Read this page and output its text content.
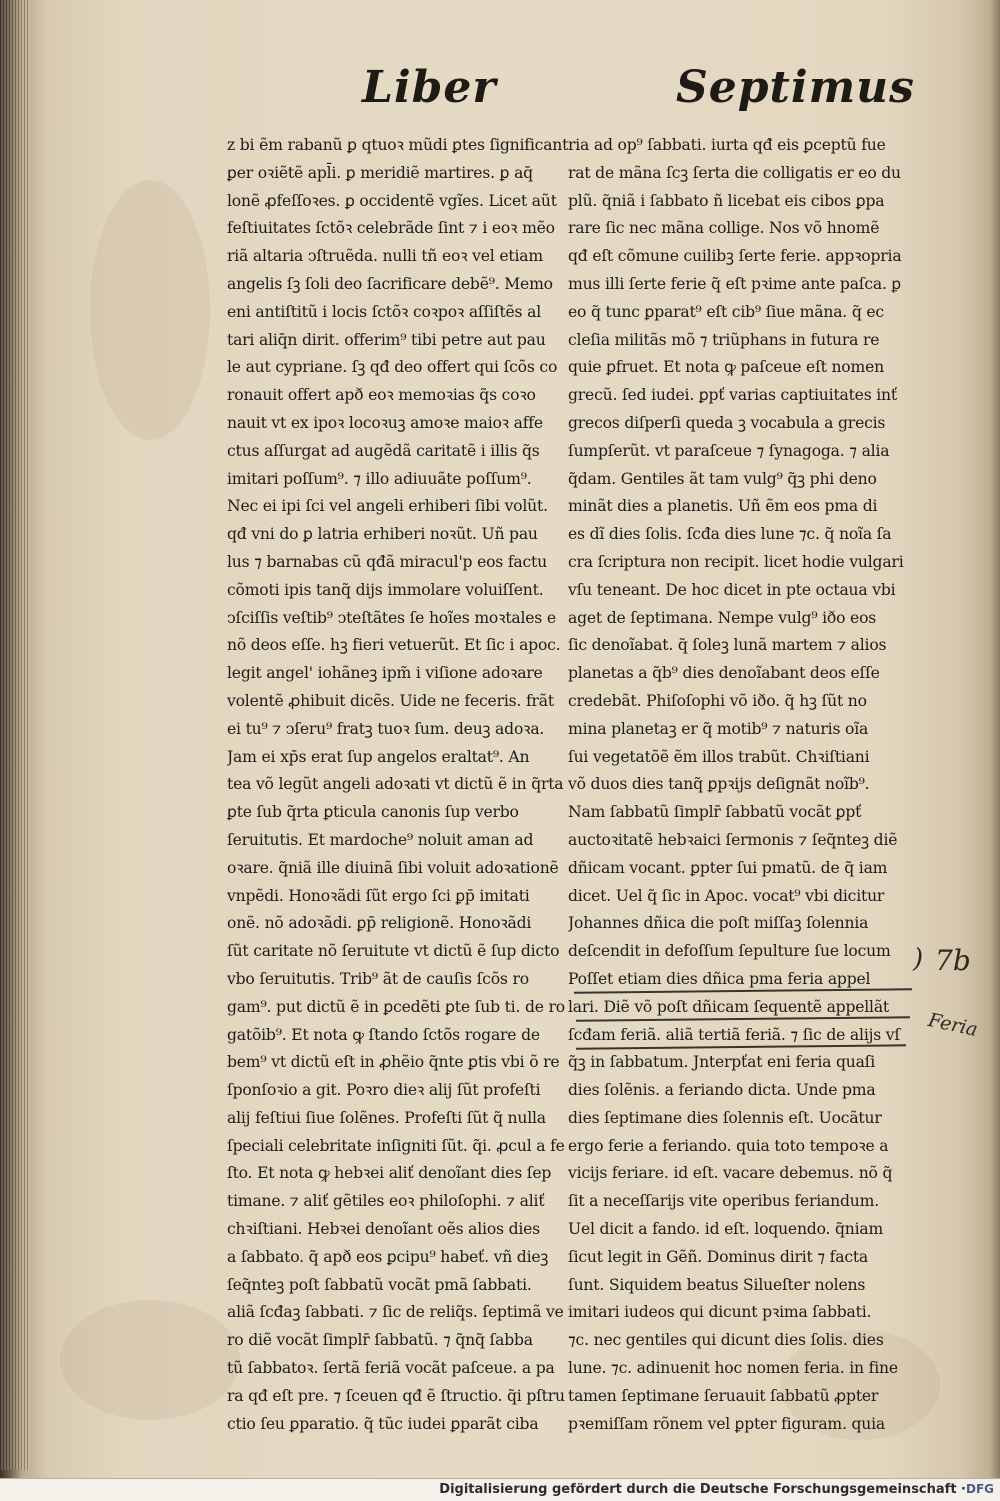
Liber	Septimus
z bi ẽm rabanũ ꝑ qtuoꝛ mũdi ꝑtes ſignificant
ꝑer oꝛiẽtẽ apl̄i. ꝑ meridiẽ martires. ꝑ aq̄
lonẽ ꝓfeſſoꝛes. ꝑ occidentẽ vgĩes. Licet aũt
feſtiuitates ſctõꝛ celebrãde ſint ⁊ i eoꝛ mẽo
riã altaria ↄſtruẽda. nulli tñ eoꝛ vel etiam
angelis ſꝫ ſoli deo ſacrificare debẽ⁹. Memo
eni antiſtitũ i locis ſctõꝛ coꝛpoꝛ aſſiſtẽs al
tari aliq̄n dirit. offerim⁹ tibi petre aut pau
le aut cypriane. ſꝫ qđ deo offert qui ſcõs co
ronauit offert apð eoꝛ memoꝛias q̃s coꝛo
nauit vt ex ipoꝛ locoꝛuꝫ amoꝛe maioꝛ affe
ctus aſſurgat ad augẽdã caritatẽ i illis q̃s
imitari poſſum⁹. ⁊ illo adiuuãte poſſum⁹.
Nec ei ipi ſci vel angeli erhiberi ſibi volũt.
qđ vni do ꝑ latria erhiberi noꝛũt. Uñ pau
lus ⁊ barnabas cũ qđã miracul'p eos factu
cõmoti ipis tanq̃ dijs immolare voluiſſent.
ↄſciſſis veſtib⁹ ↄteſtãtes ſe hoĩes moꝛtales e
nõ deos eſſe. hꝫ fieri vetuerũt. Et ſic i apoc.
legit angel' iohãneꝫ ipm̃ i viſione adoꝛare
volentẽ ꝓhibuit dicẽs. Uide ne feceris. frãt
ei tu⁹ ⁊ ↄſeru⁹ fratꝫ tuoꝛ ſum. deuꝫ adoꝛa.
Jam ei xp̄s erat ſup angelos eraltat⁹. An
tea võ legũt angeli adoꝛati vt dictũ ẽ in q̃rta
ꝑte ſub q̃rta ꝑticula canonis ſup verbo
ſeruitutis. Et mardoche⁹ noluit aman ad
oꝛare. q̃niã ille diuinã ſibi voluit adoꝛationẽ
vnpẽdi. Honoꝛãdi ſũt ergo ſci ꝑp̄ imitati
onẽ. nõ adoꝛãdi. ꝑp̄ religionẽ. Honoꝛãdi
ſũt caritate nõ ſeruitute vt dictũ ẽ ſup dicto
vbo ſeruitutis. Trib⁹ ãt de cauſis ſcõs ro
gam⁹. put dictũ ẽ in ꝑcedẽti ꝑte ſub ti. de ro
gatõib⁹. Et nota ꝙ ſtando ſctõs rogare de
bem⁹ vt dictũ eſt in ꝓhẽio q̃nte ꝑtis vbi õ re
ſponſoꝛio a git. Poꝛro dieꝛ alij ſũt profeſti
alij feſtiui ſiue ſolẽnes. Profeſti ſũt q̃ nulla
ſpeciali celebritate inſigniti ſũt. q̃i. ꝓcul a fe
ſto. Et nota ꝙ hebꝛei aliť denoĩant dies ſep
timane. ⁊ aliť gẽtiles eoꝛ philoſophi. ⁊ aliť
chꝛiſtiani. Hebꝛei denoĩant oẽs alios dies
a ſabbato. q̃ apð eos ꝑcipu⁹ habeť. vñ dieꝫ
ſeq̃nteꝫ poſt ſabbatũ vocãt pmã ſabbati.
aliã ſcđaꝫ ſabbati. ⁊ ſic de reliq̃s. ſeptimã ve
ro diẽ vocãt ſimplr̄ ſabbatũ. ⁊ q̃nq̃ ſabba
tũ ſabbatoꝛ. ſertã feriã vocãt paſceue. a pa
ra qđ eſt pre. ⁊ ſceuen qđ ẽ ſtructio. q̃i pſtru
ctio ſeu ꝑparatio. q̃ tũc iudei ꝑparãt ciba
ria ad op⁹ ſabbati. iurta qđ eis ꝑceptũ fue
rat de mãna ſcꝫ ſerta die colligatis er eo du
plũ. q̃niã i ſabbato ñ licebat eis cibos ꝑpa
rare ſic nec mãna collige. Nos võ hnomẽ
qđ eſt cõmune cuilibꝫ ſerte ferie. appꝛopria
mus illi ſerte ferie q̃ eſt pꝛime ante paſca. ꝑ
eo q̃ tunc ꝑparat⁹ eſt cib⁹ ſiue mãna. q̃ ec
cleſia militãs mõ ⁊ triũphans in futura re
quie ꝑfruet. Et nota ꝙ paſceue eſt nomen
grecũ. ſed iudei. ꝑpť varias captiuitates inť
grecos diſperſi queda ꝫ vocabula a grecis
ſumpſerũt. vt paraſceue ⁊ ſynagoga. ⁊ alia
q̃dam. Gentiles ãt tam vulg⁹ q̃ꝫ phi deno
minãt dies a planetis. Uñ ẽm eos pma di
es dĩ dies ſolis. ſcđa dies lune ⁊c. q̃ noĩa ſa
cra ſcriptura non recipit. licet hodie vulgari
vſu teneant. De hoc dicet in pte octaua vbi
aget de ſeptimana. Nempe vulg⁹ iðo eos
ſic denoĩabat. q̃ ſoleꝫ lunã martem ⁊ alios
planetas a q̃b⁹ dies denoĩabant deos eſſe
credebãt. Phiſoſophi võ iðo. q̃ hꝫ ſũt no
mina planetaꝫ er q̃ motib⁹ ⁊ naturis oĩa
ſui vegetatõẽ ẽm illos trabũt. Chꝛiſtiani
võ duos dies tanq̃ ꝑpꝛijs deſignãt noĩb⁹.
Nam ſabbatũ ſimplr̄ ſabbatũ vocãt ꝑpť
auctoꝛitatẽ hebꝛaici ſermonis ⁊ ſeq̃nteꝫ diẽ
dñicam vocant. ꝑpter ſui pmatũ. de q̃ iam
dicet. Uel q̃ ſic in Apoc. vocat⁹ vbi dicitur
Johannes dñica die poſt miſſaꝫ ſolennia
deſcendit in defoſſum ſepulture ſue locum
Poſſet etiam dies dñica pma feria appel
lari. Diẽ võ poſt dñicam ſequentẽ appellãt
ſcđam feriã. aliã tertiã feriã. ⁊ ſic de alijs vſ
q̃ꝫ in ſabbatum. Jnterpťat eni feria quaſi
dies ſolẽnis. a feriando dicta. Unde pma
dies ſeptimane dies ſolennis eſt. Uocãtur
ergo ferie a feriando. quia toto tempoꝛe a
vicijs feriare. id eſt. vacare debemus. nõ q̃
ſit a neceſſarijs vite operibus feriandum.
Uel dicit a fando. id eſt. loquendo. q̃niam
ſicut legit in Gẽñ. Dominus dirit ⁊ facta
ſunt. Siquidem beatus Silueſter nolens
imitari iudeos qui dicunt pꝛima ſabbati.
⁊c. nec gentiles qui dicunt dies ſolis. dies
lune. ⁊c. adinuenit hoc nomen feria. in fine
tamen ſeptimane ſeruauit ſabbatũ ꝓpter
pꝛemiſſam rõnem vel ꝑpter figuram. quia
) 7b
Feria
Digitalisierung gefördert durch die Deutsche Forschungsgemeinschaft · DFG
